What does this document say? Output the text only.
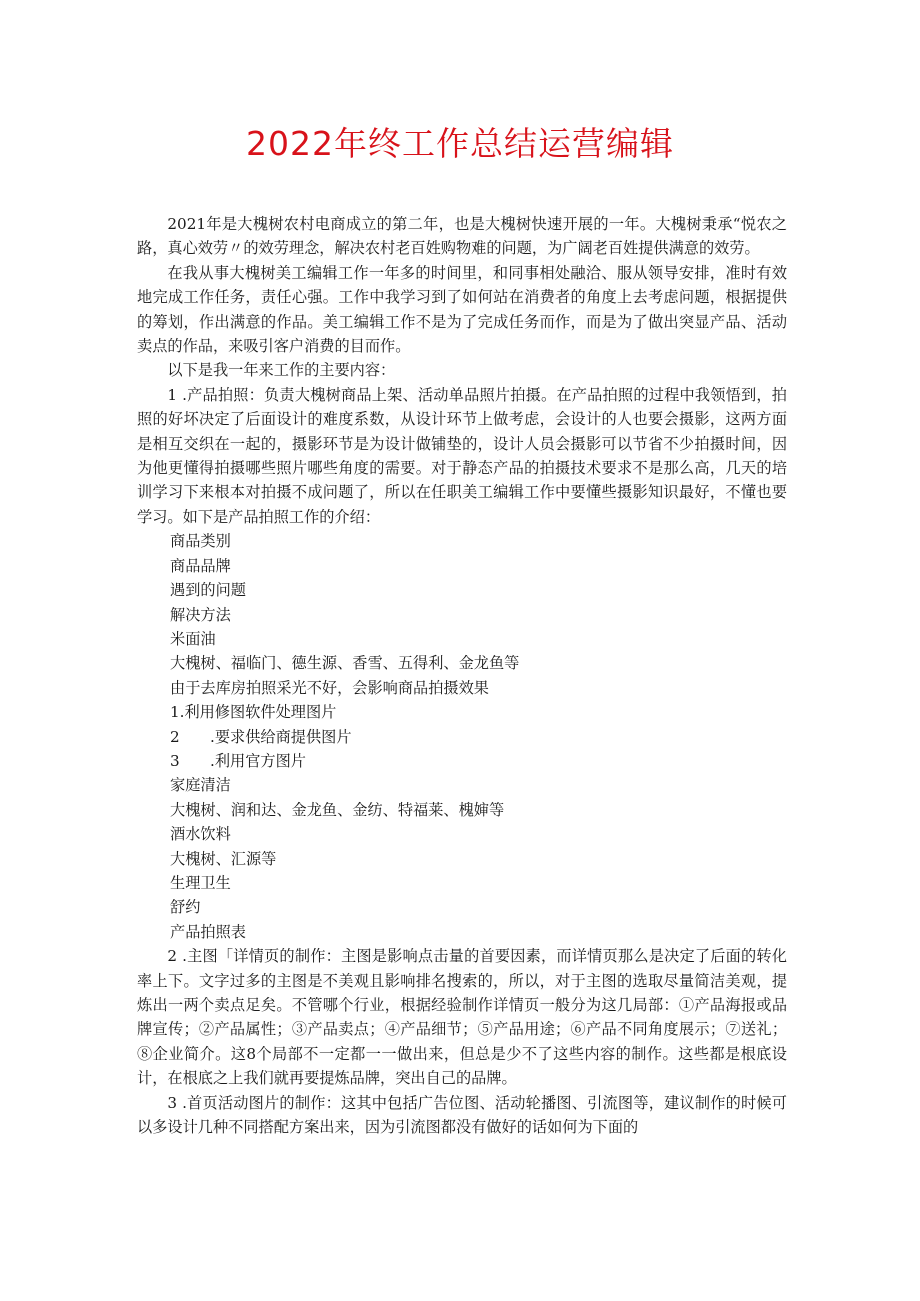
2022年终工作总结运营编辑

2021年是大槐树农村电商成立的第二年，也是大槐树快速开展的一年。大槐树秉承“悦农之路，真心效劳〃的效劳理念，解决农村老百姓购物难的问题，为广阔老百姓提供满意的效劳。

在我从事大槐树美工编辑工作一年多的时间里，和同事相处融洽、服从领导安排，准时有效地完成工作任务，责任心强。工作中我学习到了如何站在消费者的角度上去考虑问题，根据提供的筹划，作出满意的作品。美工编辑工作不是为了完成任务而作，而是为了做出突显产品、活动卖点的作品，来吸引客户消费的目而作。

以下是我一年来工作的主要内容：

1 .产品拍照：负责大槐树商品上架、活动单品照片拍摄。在产品拍照的过程中我领悟到，拍照的好坏决定了后面设计的难度系数，从设计环节上做考虑，会设计的人也要会摄影，这两方面是相互交织在一起的，摄影环节是为设计做铺垫的，设计人员会摄影可以节省不少拍摄时间，因为他更懂得拍摄哪些照片哪些角度的需要。对于静态产品的拍摄技术要求不是那么高，几天的培训学习下来根本对拍摄不成问题了，所以在任职美工编辑工作中要懂些摄影知识最好，不懂也要学习。如下是产品拍照工作的介绍：

商品类别

商品品牌

遇到的问题

解决方法

米面油

大槐树、福临门、德生源、香雪、五得利、金龙鱼等

由于去库房拍照采光不好，会影响商品拍摄效果

1.利用修图软件处理图片

2　　.要求供给商提供图片

3　　.利用官方图片

家庭清洁

大槐树、润和达、金龙鱼、金纺、特福莱、槐婶等

酒水饮料

大槐树、汇源等

生理卫生

舒约

产品拍照表

2 .主图「详情页的制作：主图是影响点击量的首要因素，而详情页那么是决定了后面的转化率上下。文字过多的主图是不美观且影响排名搜索的，所以，对于主图的选取尽量简洁美观，提炼出一两个卖点足矣。不管哪个行业，根据经验制作详情页一般分为这几局部：①产品海报或品牌宣传；②产品属性；③产品卖点；④产品细节；⑤产品用途；⑥产品不同角度展示；⑦送礼；⑧企业简介。这8个局部不一定都一一做出来，但总是少不了这些内容的制作。这些都是根底设计，在根底之上我们就再要提炼品牌，突出自己的品牌。

3 .首页活动图片的制作：这其中包括广告位图、活动轮播图、引流图等，建议制作的时候可以多设计几种不同搭配方案出来，因为引流图都没有做好的话如何为下面的
